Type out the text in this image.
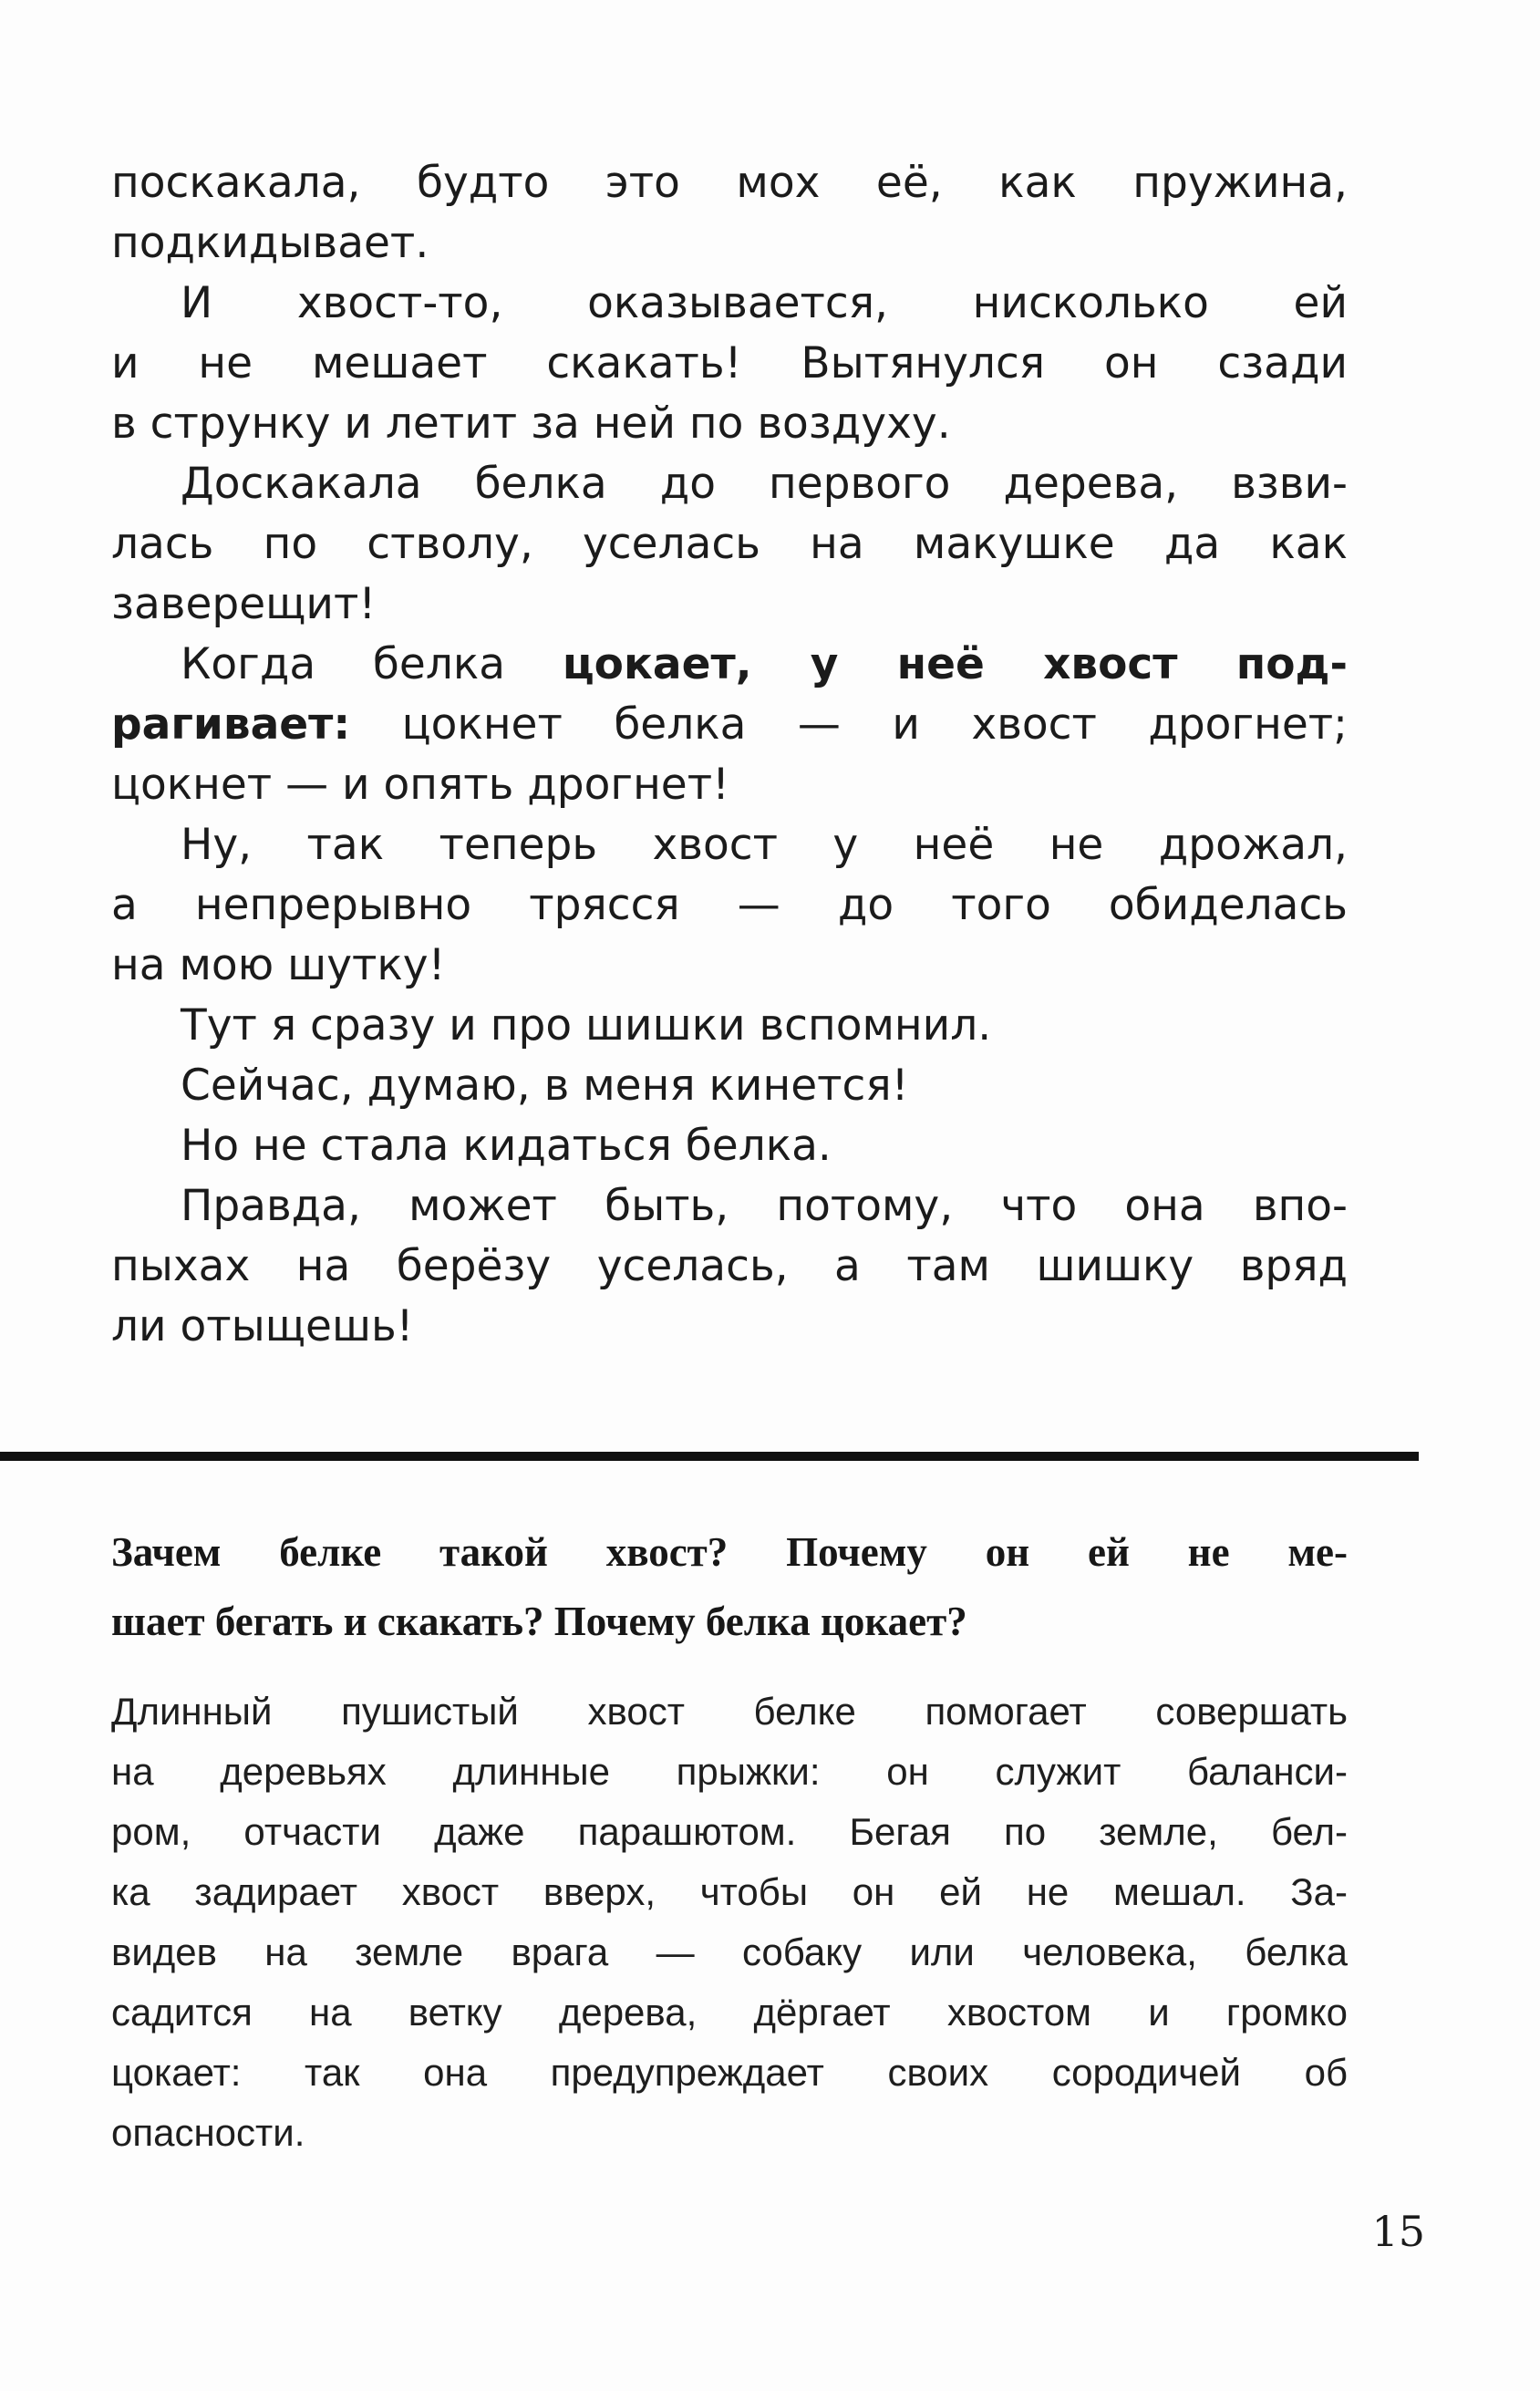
поскакала, будто это мох её, как пружина,
подкидывает.
И хвост-то, оказывается, нисколько ей
и не мешает скакать! Вытянулся он сзади
в струнку и летит за ней по воздуху.
Доскакала белка до первого дерева, взви-
лась по стволу, уселась на макушке да как
заверещит!
Когда белка цокает, у неё хвост под-
рагивает: цокнет белка — и хвост дрогнет;
цокнет — и опять дрогнет!
Ну, так теперь хвост у неё не дрожал,
а непрерывно трясся — до того обиделась
на мою шутку!
Тут я сразу и про шишки вспомнил.
Сейчас, думаю, в меня кинется!
Но не стала кидаться белка.
Правда, может быть, потому, что она впо-
пыхах на берёзу уселась, а там шишку вряд
ли отыщешь!
Зачем белке такой хвост? Почему он ей не ме-
шает бегать и скакать? Почему белка цокает?
Длинный пушистый хвост белке помогает совершать
на деревьях длинные прыжки: он служит баланси-
ром, отчасти даже парашютом. Бегая по земле, бел-
ка задирает хвост вверх, чтобы он ей не мешал. За-
видев на земле врага — собаку или человека, белка
садится на ветку дерева, дёргает хвостом и громко
цокает: так она предупреждает своих сородичей об
опасности.
15
